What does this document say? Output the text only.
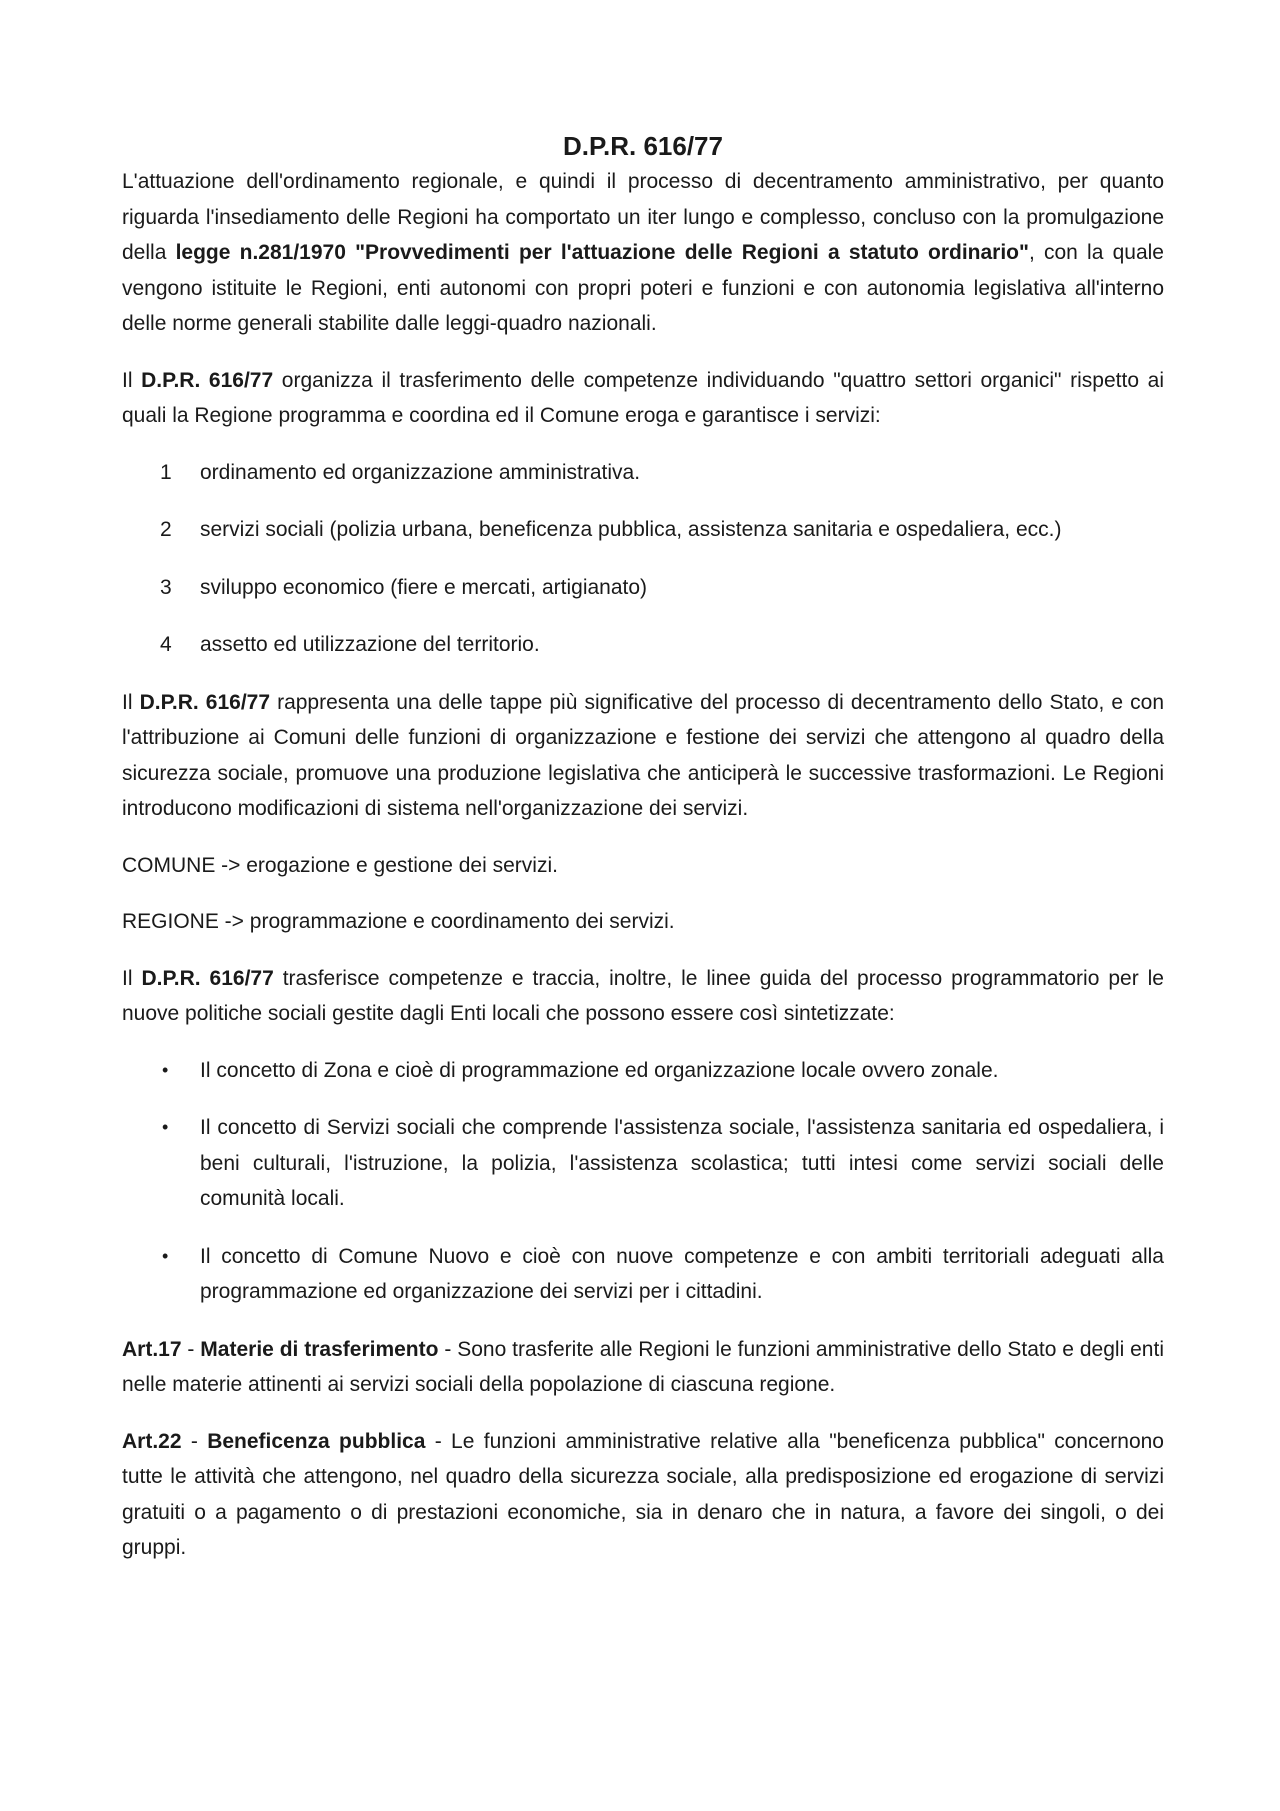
D.P.R. 616/77

L'attuazione dell'ordinamento regionale, e quindi il processo di decentramento amministrativo, per quanto riguarda l'insediamento delle Regioni ha comportato un iter lungo e complesso, concluso con la promulgazione della legge n.281/1970 "Provvedimenti per l'attuazione delle Regioni a statuto ordinario", con la quale vengono istituite le Regioni, enti autonomi con propri poteri e funzioni e con autonomia legislativa all'interno delle norme generali stabilite dalle leggi-quadro nazionali.

Il D.P.R. 616/77 organizza il trasferimento delle competenze individuando "quattro settori organici" rispetto ai quali la Regione programma e coordina ed il Comune eroga e garantisce i servizi:

1 ordinamento ed organizzazione amministrativa.
2 servizi sociali (polizia urbana, beneficenza pubblica, assistenza sanitaria e ospedaliera, ecc.)
3 sviluppo economico (fiere e mercati, artigianato)
4 assetto ed utilizzazione del territorio.

Il D.P.R. 616/77 rappresenta una delle tappe più significative del processo di decentramento dello Stato, e con l'attribuzione ai Comuni delle funzioni di organizzazione e festione dei servizi che attengono al quadro della sicurezza sociale, promuove una produzione legislativa che anticiperà le successive trasformazioni. Le Regioni introducono modificazioni di sistema nell'organizzazione dei servizi.

COMUNE -> erogazione e gestione dei servizi.

REGIONE -> programmazione e coordinamento dei servizi.

Il D.P.R. 616/77 trasferisce competenze e traccia, inoltre, le linee guida del processo programmatorio per le nuove politiche sociali gestite dagli Enti locali che possono essere così sintetizzate:

• Il concetto di Zona e cioè di programmazione ed organizzazione locale ovvero zonale.
• Il concetto di Servizi sociali che comprende l'assistenza sociale, l'assistenza sanitaria ed ospedaliera, i beni culturali, l'istruzione, la polizia, l'assistenza scolastica; tutti intesi come servizi sociali delle comunità locali.
• Il concetto di Comune Nuovo e cioè con nuove competenze e con ambiti territoriali adeguati alla programmazione ed organizzazione dei servizi per i cittadini.

Art.17 - Materie di trasferimento - Sono trasferite alle Regioni le funzioni amministrative dello Stato e degli enti nelle materie attinenti ai servizi sociali della popolazione di ciascuna regione.

Art.22 - Beneficenza pubblica - Le funzioni amministrative relative alla "beneficenza pubblica" concernono tutte le attività che attengono, nel quadro della sicurezza sociale, alla predisposizione ed erogazione di servizi gratuiti o a pagamento o di prestazioni economiche, sia in denaro che in natura, a favore dei singoli, o dei gruppi.
